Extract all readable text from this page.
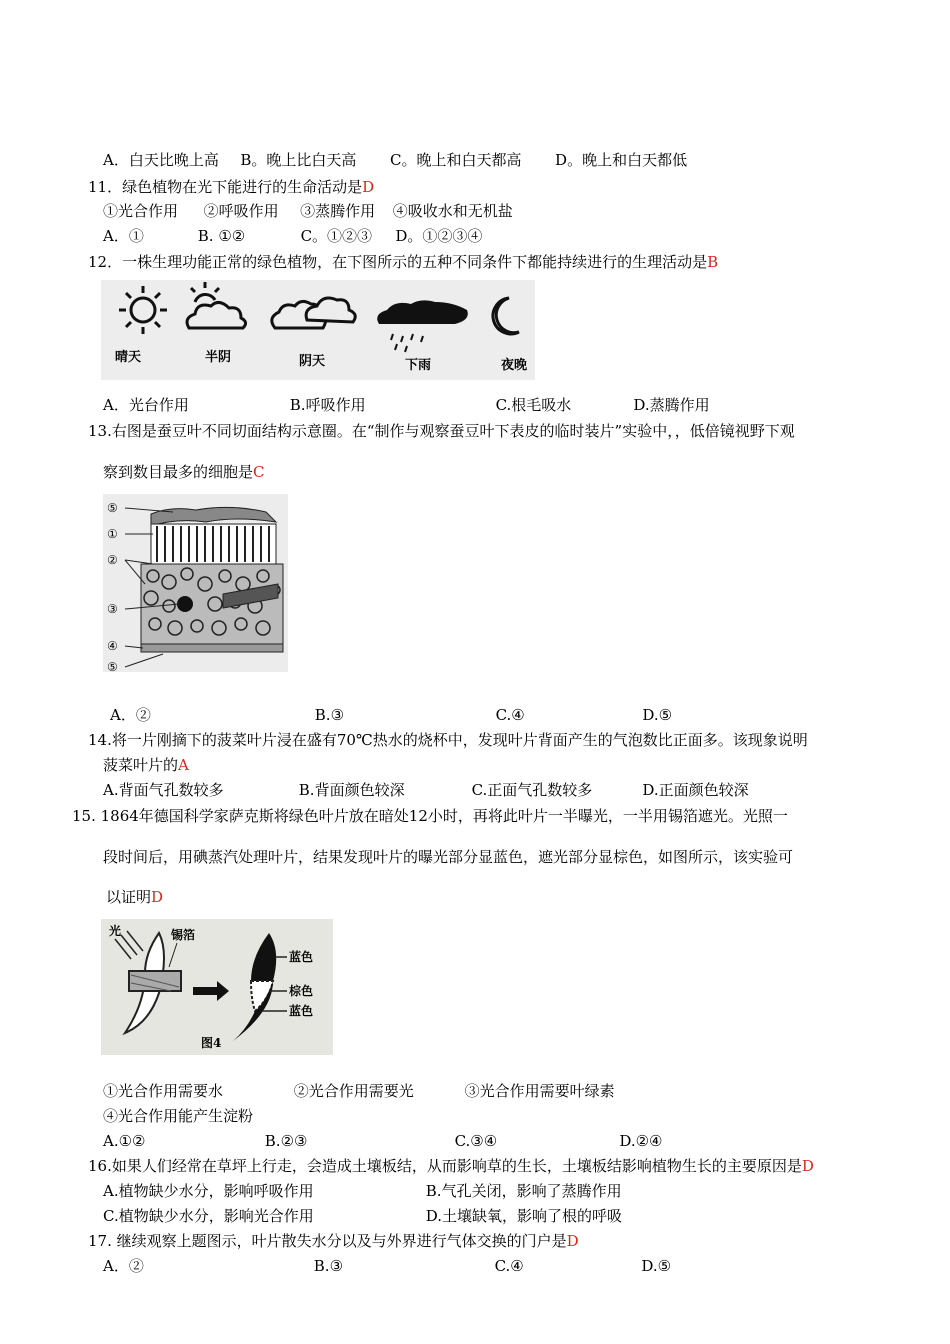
A．白天比晚上高 B。晚上比白天高 C。晚上和白天都高 D。晚上和白天都低
11．绿色植物在光下能进行的生命活动是D
①光合作用 ②呼吸作用 ③蒸腾作用 ④吸收水和无机盐
A．①	B. ①②	C。①②③ D。①②③④
12．一株生理功能正常的绿色植物，在下图所示的五种不同条件下都能持续进行的生理活动是B
晴天	半阴	阴天	下雨	夜晚
A．光台作用	B.呼吸作用	C.根毛吸水	D.蒸腾作用
13.右图是蚕豆叶不同切面结构示意圈。在“制作与观察蚕豆叶下表皮的临时装片”实验中，，低倍镜视野下观
察到数目最多的细胞是C
⑤
①
②
③
④
⑤
A．②	B.③	C.④	D.⑤
14.将一片刚摘下的菠菜叶片浸在盛有70℃热水的烧杯中，发现叶片背面产生的气泡数比正面多。该现象说明
菠菜叶片的A
A.背面气孔数较多	B.背面颜色较深	C.正面气孔数较多	D.正面颜色较深
15. 1864年德国科学家萨克斯将绿色叶片放在暗处12小时，再将此叶片一半曝光，一半用锡箔遮光。光照一
段时间后，用碘蒸汽处理叶片，结果发现叶片的曝光部分显蓝色，遮光部分显棕色，如图所示，该实验可
以证明D
光	锡箔
蓝色
棕色
蓝色
图4
①光合作用需要水	②光合作用需要光	③光合作用需要叶绿素
④光合作用能产生淀粉
A.①②	B.②③	C.③④	D.②④
16.如果人们经常在草坪上行走，会造成土壤板结，从而影响草的生长，土壤板结影响植物生长的主要原因是D
A.植物缺少水分，影响呼吸作用	B.气孔关闭，影响了蒸腾作用
C.植物缺少水分，影响光合作用	D.土壤缺氧，影响了根的呼吸
17. 继续观察上题图示，叶片散失水分以及与外界进行气体交换的门户是D
A．②	B.③	C.④	D.⑤
